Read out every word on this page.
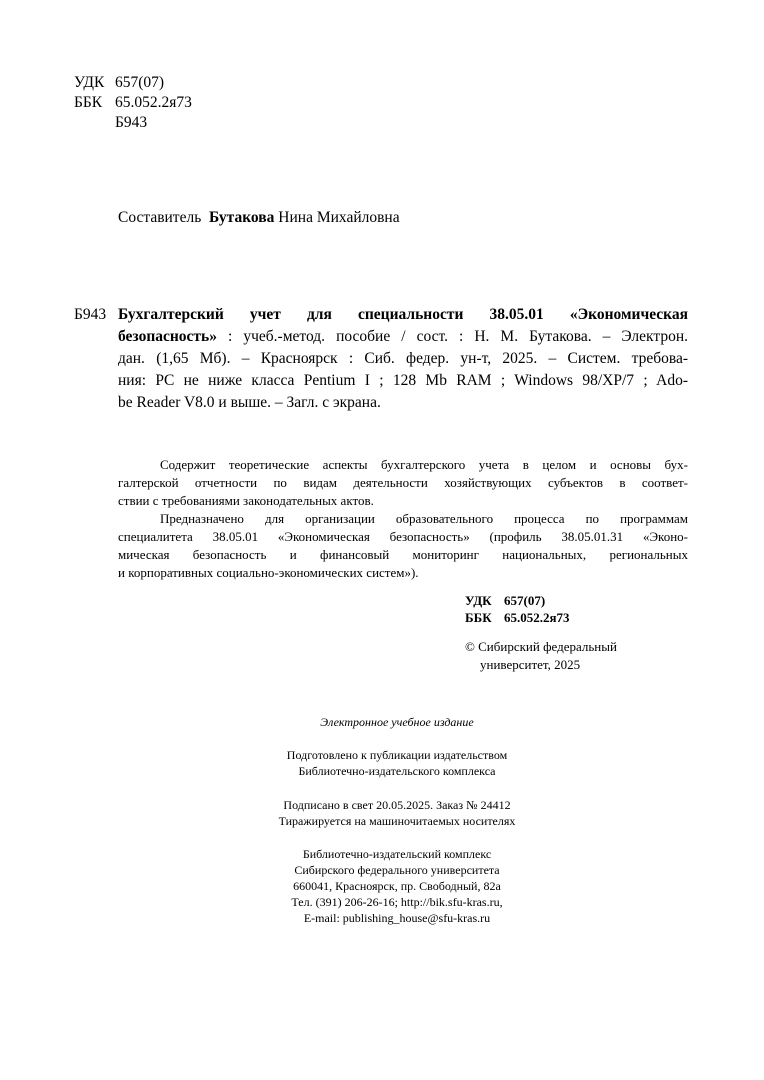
УДК 657(07)
ББК 65.052.2я73
Б943
Составитель Бутакова Нина Михайловна
Б943 Бухгалтерский учет для специальности 38.05.01 «Экономическая
безопасность» : учеб.-метод. пособие / сост. : Н. М. Бутакова. – Электрон.
дан. (1,65 Мб). – Красноярск : Сиб. федер. ун-т, 2025. – Систем. требова-
ния: PC не ниже класса Pentium I ; 128 Mb RAM ; Windows 98/XP/7 ; Ado-
be Reader V8.0 и выше. – Загл. с экрана.
Содержит теоретические аспекты бухгалтерского учета в целом и основы бух-
галтерской отчетности по видам деятельности хозяйствующих субъектов в соответ-
ствии с требованиями законодательных актов.
Предназначено для организации образовательного процесса по программам
специалитета 38.05.01 «Экономическая безопасность» (профиль 38.05.01.31 «Эконо-
мическая безопасность и финансовый мониторинг национальных, региональных
и корпоративных социально-экономических систем»).
УДК 657(07)
ББК 65.052.2я73
© Сибирский федеральный
университет, 2025
Электронное учебное издание
Подготовлено к публикации издательством
Библиотечно-издательского комплекса
Подписано в свет 20.05.2025. Заказ № 24412
Тиражируется на машиночитаемых носителях
Библиотечно-издательский комплекс
Сибирского федерального университета
660041, Красноярск, пр. Свободный, 82а
Тел. (391) 206-26-16; http://bik.sfu-kras.ru,
E-mail: publishing_house@sfu-kras.ru
